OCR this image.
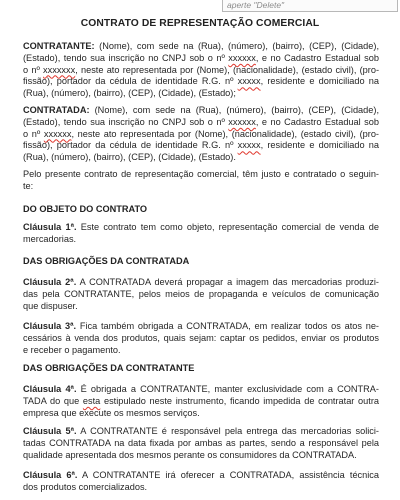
aperte "Delete"
CONTRATO DE REPRESENTAÇÃO COMERCIAL
CONTRATANTE: (Nome), com sede na (Rua), (número), (bairro), (CEP), (Cidade),
(Estado), tendo sua inscrição no CNPJ sob o nº xxxxxx, e no Cadastro Estadual sob
o nº xxxxxxx, neste ato representada por (Nome), (nacionalidade), (estado civil), (pro-
fissão), portador da cédula de identidade R.G. nº xxxxx, residente e domiciliado na
(Rua), (número), (bairro), (CEP), (Cidade), (Estado);
CONTRATADA: (Nome), com sede na (Rua), (número), (bairro), (CEP), (Cidade),
(Estado), tendo sua inscrição no CNPJ sob o nº xxxxxx, e no Cadastro Estadual sob
o nº xxxxxx, neste ato representada por (Nome), (nacionalidade), (estado civil), (pro-
fissão), portador da cédula de identidade R.G. nº xxxxx, residente e domiciliado na
(Rua), (número), (bairro), (CEP), (Cidade), (Estado).
Pelo presente contrato de representação comercial, têm justo e contratado o seguin-
te:
DO OBJETO DO CONTRATO
Cláusula 1ª. Este contrato tem como objeto, representação comercial de venda de
mercadorias.
DAS OBRIGAÇÕES DA CONTRATADA
Cláusula 2ª. A CONTRATADA deverá propagar a imagem das mercadorias produzi-
das pela CONTRATANTE, pelos meios de propaganda e veículos de comunicação
que dispuser.
Cláusula 3ª. Fica também obrigada a CONTRATADA, em realizar todos os atos ne-
cessários à venda dos produtos, quais sejam: captar os pedidos, enviar os produtos
e receber o pagamento.
DAS OBRIGAÇÕES DA CONTRATANTE
Cláusula 4ª. É obrigada a CONTRATANTE, manter exclusividade com a CONTRA-
TADA do que esta estipulado neste instrumento, ficando impedida de contratar outra
empresa que execute os mesmos serviços.
Cláusula 5ª. A CONTRATANTE é responsável pela entrega das mercadorias solici-
tadas CONTRATADA na data fixada por ambas as partes, sendo a responsável pela
qualidade apresentada dos mesmos perante os consumidores da CONTRATADA.
Cláusula 6ª. A CONTRATANTE irá oferecer a CONTRATADA, assistência técnica
dos produtos comercializados.
